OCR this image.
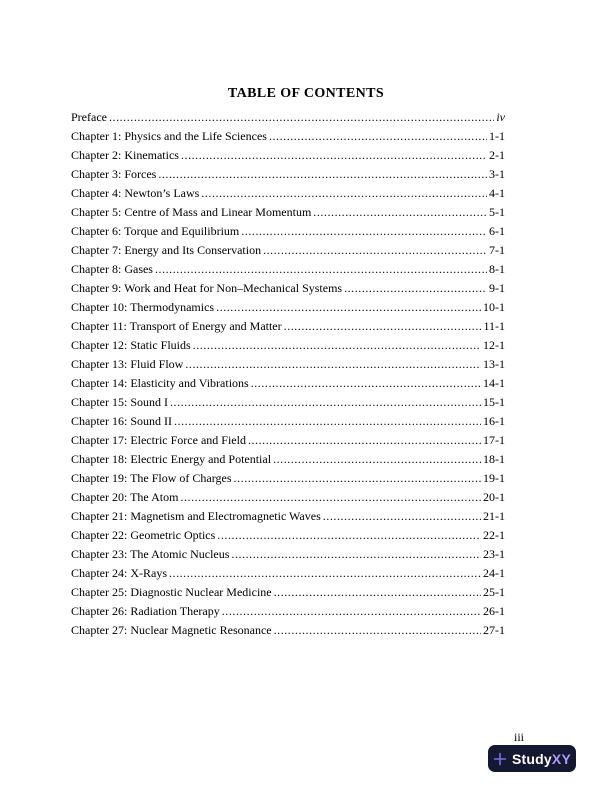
TABLE OF CONTENTS
Preface .....	iv
Chapter 1: Physics and the Life Sciences .....	1-1
Chapter 2: Kinematics .....	2-1
Chapter 3: Forces .....	3-1
Chapter 4: Newton’s Laws .....	4-1
Chapter 5: Centre of Mass and Linear Momentum .....	5-1
Chapter 6: Torque and Equilibrium .....	6-1
Chapter 7: Energy and Its Conservation .....	7-1
Chapter 8: Gases .....	8-1
Chapter 9: Work and Heat for Non–Mechanical Systems .....	9-1
Chapter 10: Thermodynamics .....	10-1
Chapter 11: Transport of Energy and Matter .....	11-1
Chapter 12: Static Fluids .....	12-1
Chapter 13: Fluid Flow .....	13-1
Chapter 14: Elasticity and Vibrations .....	14-1
Chapter 15: Sound I .....	15-1
Chapter 16: Sound II .....	16-1
Chapter 17: Electric Force and Field .....	17-1
Chapter 18: Electric Energy and Potential .....	18-1
Chapter 19: The Flow of Charges .....	19-1
Chapter 20: The Atom .....	20-1
Chapter 21: Magnetism and Electromagnetic Waves .....	21-1
Chapter 22: Geometric Optics .....	22-1
Chapter 23: The Atomic Nucleus .....	23-1
Chapter 24: X-Rays .....	24-1
Chapter 25: Diagnostic Nuclear Medicine .....	25-1
Chapter 26: Radiation Therapy .....	26-1
Chapter 27: Nuclear Magnetic Resonance .....	27-1
iii
StudyXY
